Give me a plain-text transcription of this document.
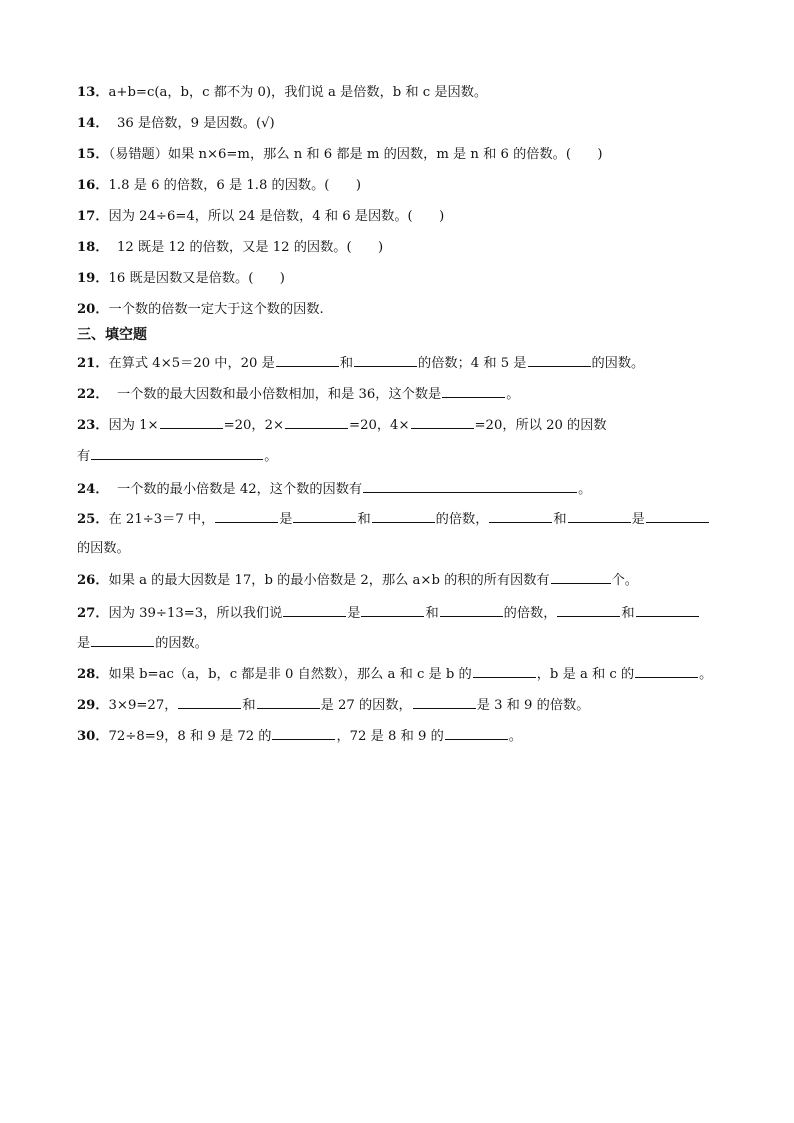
13．a+b=c(a，b，c 都不为 0)，我们说 a 是倍数，b 和 c 是因数。
14． 36 是倍数，9 是因数。(√)
15．（易错题）如果 n×6=m，那么 n 和 6 都是 m 的因数，m 是 n 和 6 的倍数。(　　)
16．1.8 是 6 的倍数，6 是 1.8 的因数。(　　)
17．因为 24÷6=4，所以 24 是倍数，4 和 6 是因数。(　　)
18． 12 既是 12 的倍数，又是 12 的因数。(　　)
19．16 既是因数又是倍数。(　　)
20．一个数的倍数一定大于这个数的因数.
三、填空题
21．在算式 4×5＝20 中，20 是	和	的倍数；4 和 5 是	的因数。
22． 一个数的最大因数和最小倍数相加，和是 36，这个数是	。
23．因为 1×	=20，2×	=20，4×	=20，所以 20 的因数
有	。
24． 一个数的最小倍数是 42，这个数的因数有	。
25．在 21÷3＝7 中，	是	和	的倍数，	和	是
的因数。
26．如果 a 的最大因数是 17，b 的最小倍数是 2，那么 a×b 的积的所有因数有	个。
27．因为 39÷13=3，所以我们说	是	和	的倍数，	和
是	的因数。
28．如果 b=ac（a，b，c 都是非 0 自然数），那么 a 和 c 是 b 的	，b 是 a 和 c 的	。
29．3×9=27，	和	是 27 的因数，	是 3 和 9 的倍数。
30．72÷8=9，8 和 9 是 72 的	，72 是 8 和 9 的	。
